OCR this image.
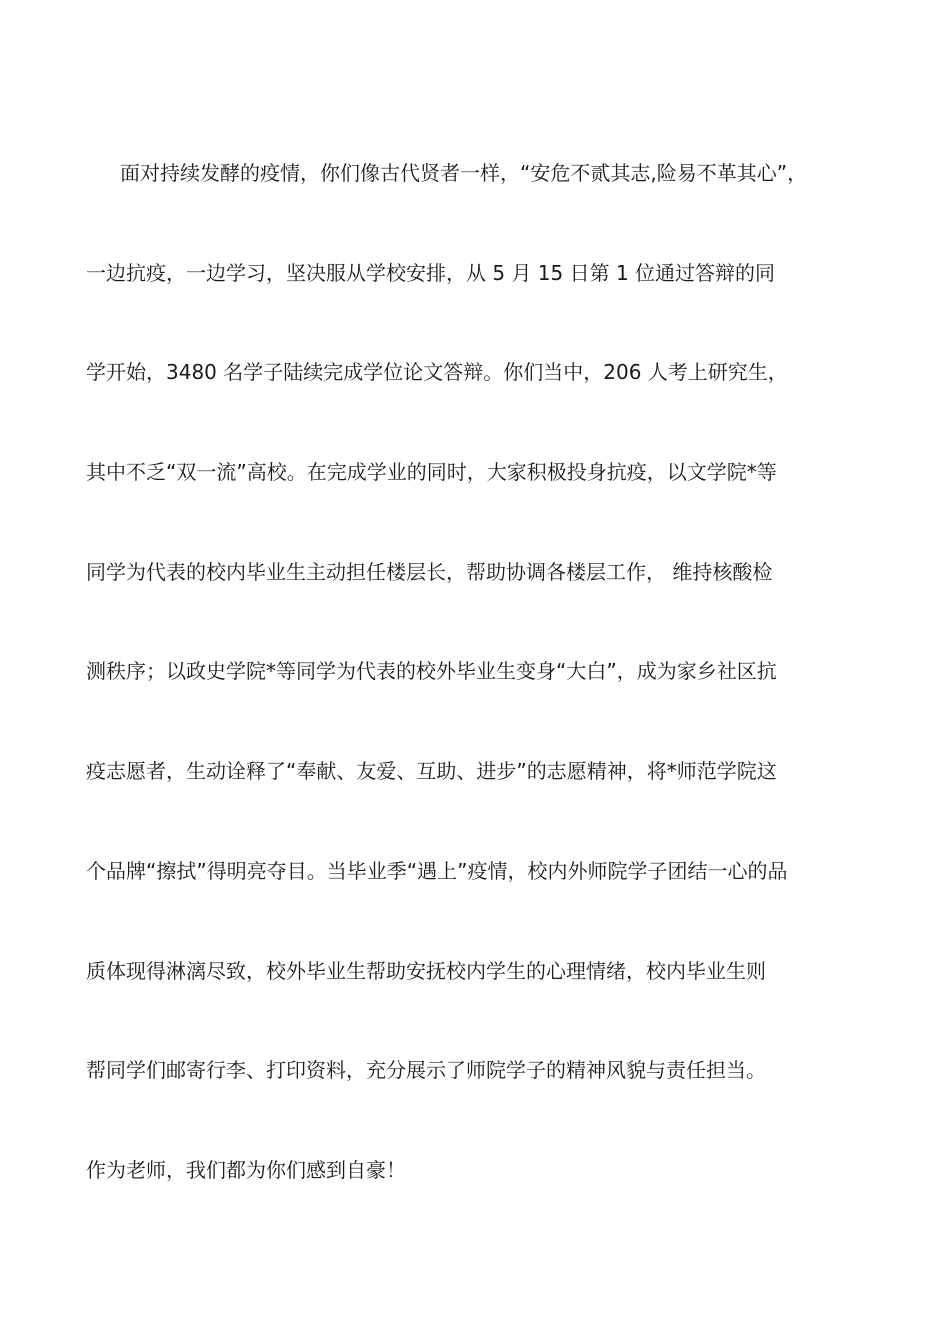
面对持续发酵的疫情，你们像古代贤者一样，“安危不贰其志,险易不革其心”，
一边抗疫，一边学习，坚决服从学校安排，从 5 月 15 日第 1 位通过答辩的同
学开始，3480 名学子陆续完成学位论文答辩。你们当中，206 人考上研究生，
其中不乏“双一流”高校。在完成学业的同时，大家积极投身抗疫，以文学院*等
同学为代表的校内毕业生主动担任楼层长，帮助协调各楼层工作， 维持核酸检
测秩序；以政史学院*等同学为代表的校外毕业生变身“大白”，成为家乡社区抗
疫志愿者，生动诠释了“奉献、友爱、互助、进步”的志愿精神，将*师范学院这
个品牌“擦拭”得明亮夺目。当毕业季“遇上”疫情，校内外师院学子团结一心的品
质体现得淋漓尽致，校外毕业生帮助安抚校内学生的心理情绪，校内毕业生则
帮同学们邮寄行李、打印资料，充分展示了师院学子的精神风貌与责任担当。
作为老师，我们都为你们感到自豪！
